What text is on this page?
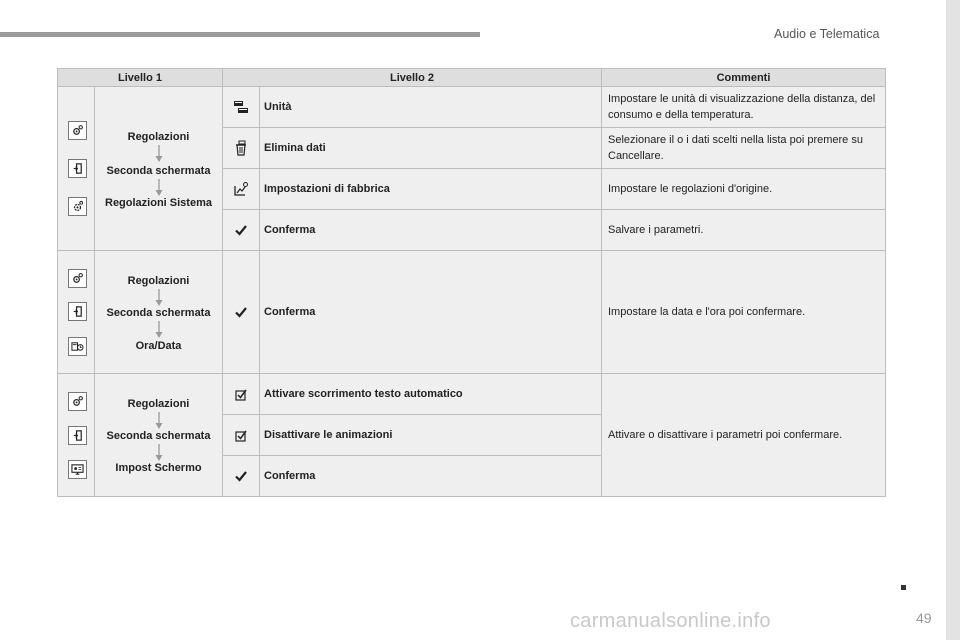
Audio e Telematica
Livello 1		Livello 2		Commenti

Regolazioni
Seconda schermata
Regolazioni Sistema		Unità	Impostare le unità di visualizzazione della distanza, del consumo e della temperatura.
	Elimina dati	Selezionare il o i dati scelti nella lista poi premere su Cancellare.
	Impostazioni di fabbrica	Impostare le regolazioni d'origine.
	Conferma	Salvare i parametri.

Regolazioni
Seconda schermata
Ora/Data		Conferma	Impostare la data e l'ora poi confermare.

Regolazioni
Seconda schermata
Impost Schermo		Attivare scorrimento testo automatico	Attivare o disattivare i parametri poi confermare.
	Disattivare le animazioni	
	Conferma	
carmanualsonline.info	49
